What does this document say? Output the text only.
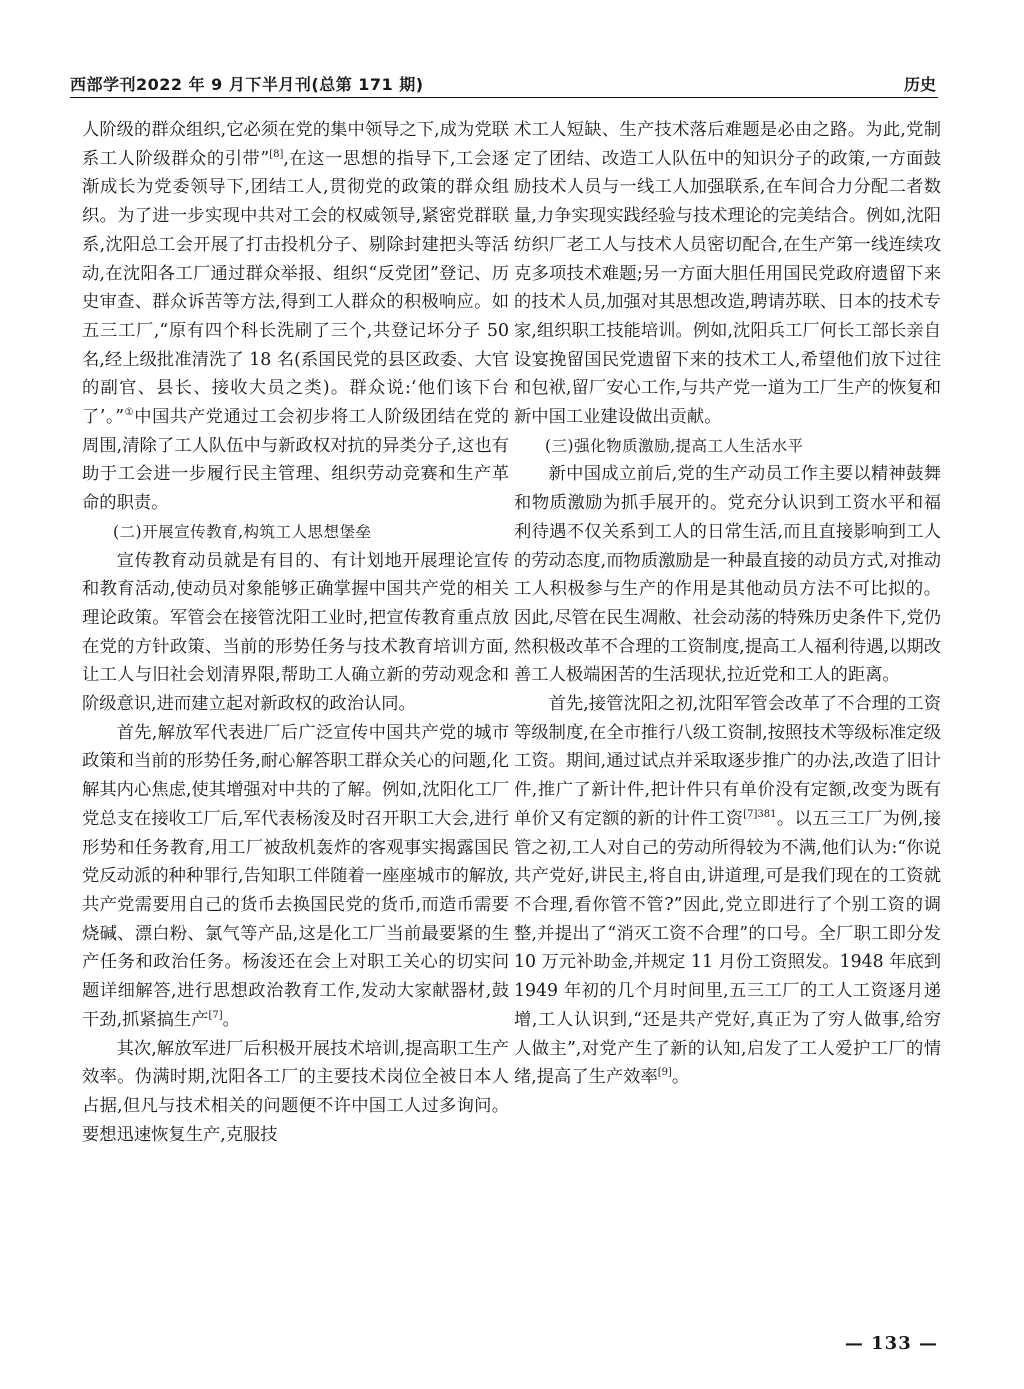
西部学刊2022 年 9 月下半月刊(总第 171 期)	历史

人阶级的群众组织,它必须在党的集中领导之下,成为党联系工人阶级群众的引带”[8],在这一思想的指导下,工会逐渐成长为党委领导下,团结工人,贯彻党的政策的群众组织。为了进一步实现中共对工会的权威领导,紧密党群联系,沈阳总工会开展了打击投机分子、剔除封建把头等活动,在沈阳各工厂通过群众举报、组织“反党团”登记、历史审查、群众诉苦等方法,得到工人群众的积极响应。如五三工厂,“原有四个科长洗刷了三个,共登记坏分子 50 名,经上级批准清洗了 18 名(系国民党的县区政委、大官的副官、县长、接收大员之类)。群众说:‘他们该下台了’。”①中国共产党通过工会初步将工人阶级团结在党的周围,清除了工人队伍中与新政权对抗的异类分子,这也有助于工会进一步履行民主管理、组织劳动竞赛和生产革命的职责。

(二)开展宣传教育,构筑工人思想堡垒

宣传教育动员就是有目的、有计划地开展理论宣传和教育活动,使动员对象能够正确掌握中国共产党的相关理论政策。军管会在接管沈阳工业时,把宣传教育重点放在党的方针政策、当前的形势任务与技术教育培训方面,让工人与旧社会划清界限,帮助工人确立新的劳动观念和阶级意识,进而建立起对新政权的政治认同。

首先,解放军代表进厂后广泛宣传中国共产党的城市政策和当前的形势任务,耐心解答职工群众关心的问题,化解其内心焦虑,使其增强对中共的了解。例如,沈阳化工厂党总支在接收工厂后,军代表杨浚及时召开职工大会,进行形势和任务教育,用工厂被敌机轰炸的客观事实揭露国民党反动派的种种罪行,告知职工伴随着一座座城市的解放,共产党需要用自己的货币去换国民党的货币,而造币需要烧碱、漂白粉、氯气等产品,这是化工厂当前最要紧的生产任务和政治任务。杨浚还在会上对职工关心的切实问题详细解答,进行思想政治教育工作,发动大家献器材,鼓干劲,抓紧搞生产[7]。

其次,解放军进厂后积极开展技术培训,提高职工生产效率。伪满时期,沈阳各工厂的主要技术岗位全被日本人占据,但凡与技术相关的问题便不许中国工人过多询问。要想迅速恢复生产,克服技

术工人短缺、生产技术落后难题是必由之路。为此,党制定了团结、改造工人队伍中的知识分子的政策,一方面鼓励技术人员与一线工人加强联系,在车间合力分配二者数量,力争实现实践经验与技术理论的完美结合。例如,沈阳纺织厂老工人与技术人员密切配合,在生产第一线连续攻克多项技术难题;另一方面大胆任用国民党政府遗留下来的技术人员,加强对其思想改造,聘请苏联、日本的技术专家,组织职工技能培训。例如,沈阳兵工厂何长工部长亲自设宴挽留国民党遗留下来的技术工人,希望他们放下过往和包袱,留厂安心工作,与共产党一道为工厂生产的恢复和新中国工业建设做出贡献。

(三)强化物质激励,提高工人生活水平

新中国成立前后,党的生产动员工作主要以精神鼓舞和物质激励为抓手展开的。党充分认识到工资水平和福利待遇不仅关系到工人的日常生活,而且直接影响到工人的劳动态度,而物质激励是一种最直接的动员方式,对推动工人积极参与生产的作用是其他动员方法不可比拟的。因此,尽管在民生凋敝、社会动荡的特殊历史条件下,党仍然积极改革不合理的工资制度,提高工人福利待遇,以期改善工人极端困苦的生活现状,拉近党和工人的距离。

首先,接管沈阳之初,沈阳军管会改革了不合理的工资等级制度,在全市推行八级工资制,按照技术等级标准定级工资。期间,通过试点并采取逐步推广的办法,改造了旧计件,推广了新计件,把计件只有单价没有定额,改变为既有单价又有定额的新的计件工资$^{[7]381}$。以五三工厂为例,接管之初,工人对自己的劳动所得较为不满,他们认为:“你说共产党好,讲民主,将自由,讲道理,可是我们现在的工资就不合理,看你管不管?”因此,党立即进行了个别工资的调整,并提出了“消灭工资不合理”的口号。全厂职工即分发 10 万元补助金,并规定 11 月份工资照发。1948 年底到 1949 年初的几个月时间里,五三工厂的工人工资逐月递增,工人认识到,“还是共产党好,真正为了穷人做事,给穷人做主”,对党产生了新的认知,启发了工人爱护工厂的情绪,提高了生产效率[9]。

— 133 —
